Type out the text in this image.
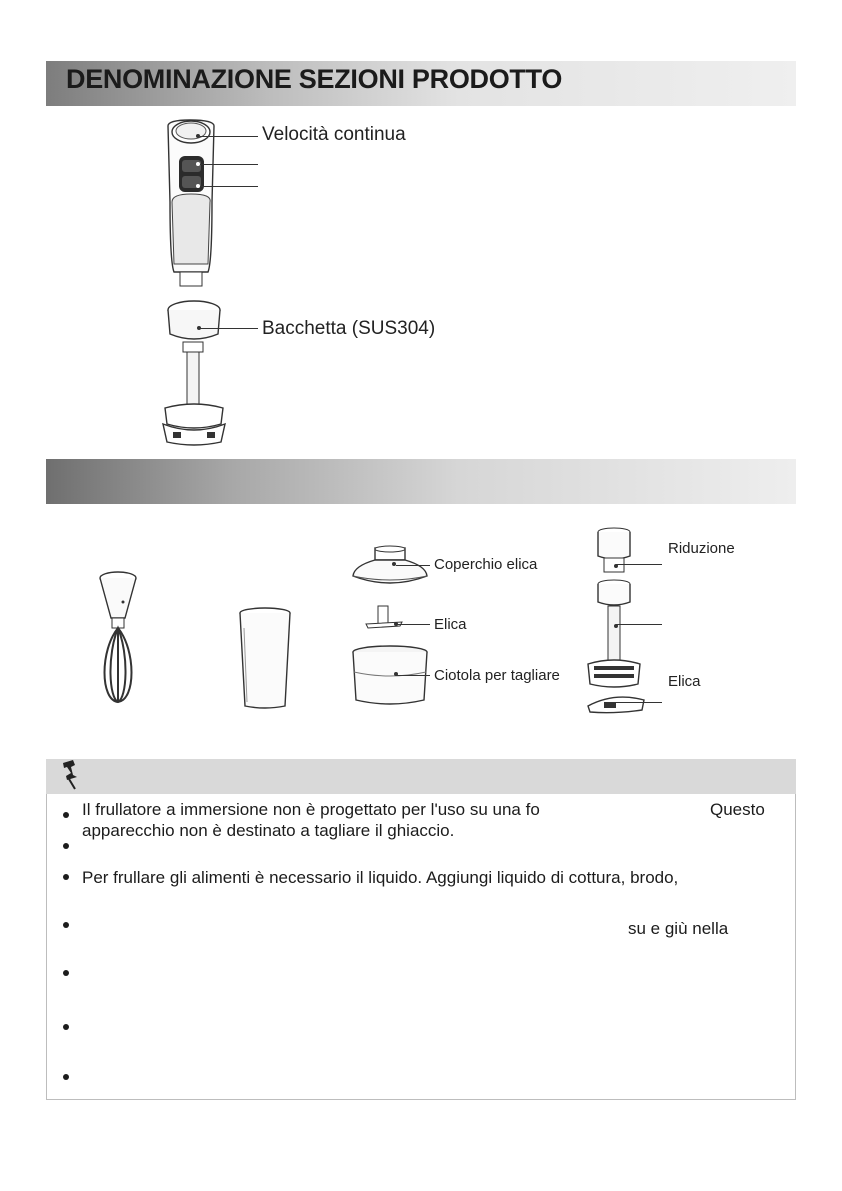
DENOMINAZIONE SEZIONI PRODOTTO
Velocità continua
Bacchetta (SUS304)
Coperchio elica
Elica
Ciotola per tagliare
Riduzione
Elica
Il frullatore a immersione non è progettato per l'uso su una fo	Questo
apparecchio non è destinato a tagliare il ghiaccio.
Per frullare gli alimenti è necessario il liquido. Aggiungi liquido di cottura, brodo,
su e giù nella
